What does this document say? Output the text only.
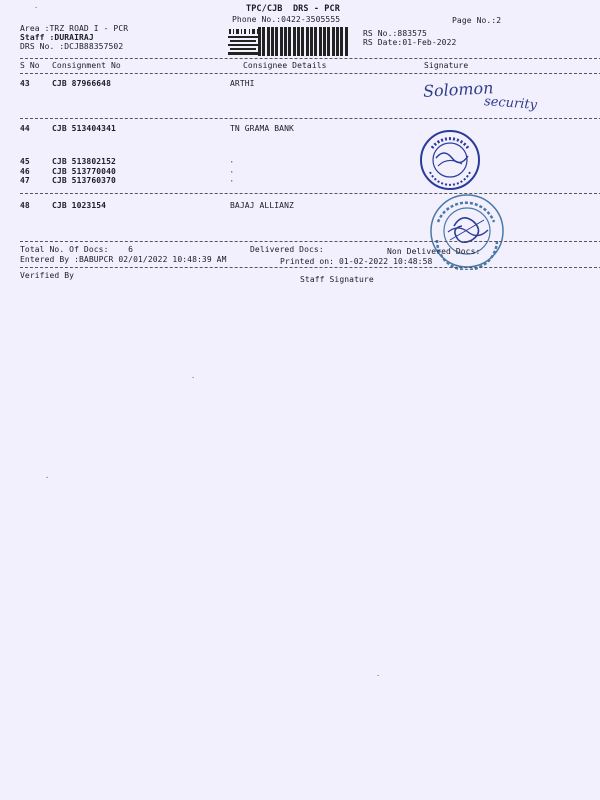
TPC/CJB  DRS - PCR
Phone No.:0422-3505555	Page No.:2
Area :TRZ ROAD I - PCR
Staff :DURAIRAJ
DRS No. :DCJB88357502
RS No.:883575
RS Date:01-Feb-2022
S No Consignment No	Consignee Details	Signature
43	CJB 87966648	ARTHI	Solomon
security
44	CJB 513404341	TN GRAMA BANK
45	CJB 513802152	·
46	CJB 513770040	·
47	CJB 513760370	·
48	CJB 1023154	BAJAJ ALLIANZ
Total No. Of Docs:    6	Delivered Docs:	Non Delivered Docs:
Entered By :BABUPCR 02/01/2022 10:48:39 AM	Printed on: 01-02-2022 10:48:58
Verified By	Staff Signature
·
·
·
·
